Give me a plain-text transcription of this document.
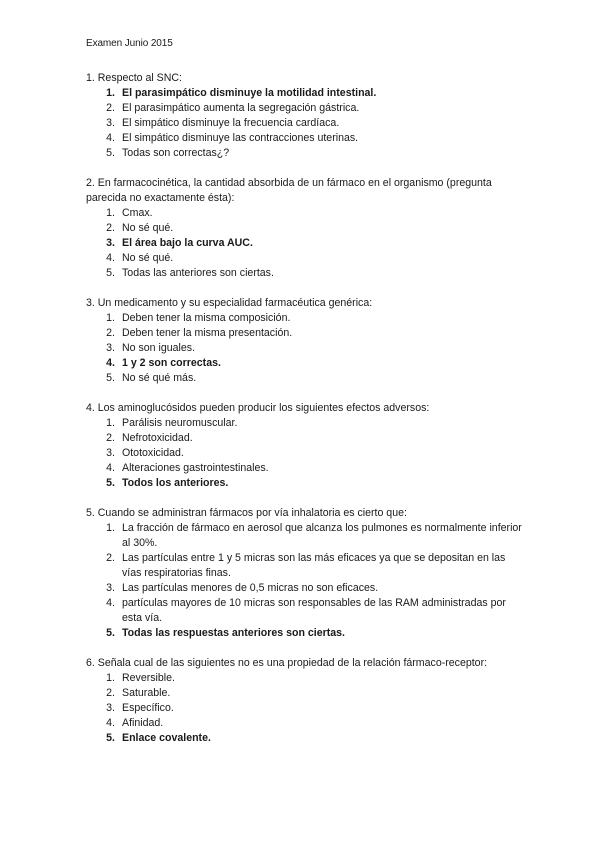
Examen Junio 2015
1. Respecto al SNC:
1. El parasimpático disminuye la motilidad intestinal.
2. El parasimpático aumenta la segregación gástrica.
3. El simpático disminuye la frecuencia cardíaca.
4. El simpático disminuye las contracciones uterinas.
5. Todas son correctas¿?
2. En farmacocinética, la cantidad absorbida de un fármaco en el organismo (pregunta parecida no exactamente ésta):
1. Cmax.
2. No sé qué.
3. El área bajo la curva AUC.
4. No sé qué.
5. Todas las anteriores son ciertas.
3. Un medicamento y su especialidad farmacéutica genérica:
1. Deben tener la misma composición.
2. Deben tener la misma presentación.
3. No son iguales.
4. 1 y 2 son correctas.
5. No sé qué más.
4. Los aminoglucósidos pueden producir los siguientes efectos adversos:
1. Parálisis neuromuscular.
2. Nefrotoxicidad.
3. Ototoxicidad.
4. Alteraciones gastrointestinales.
5. Todos los anteriores.
5. Cuando se administran fármacos por vía inhalatoria es cierto que:
1. La fracción de fármaco en aerosol que alcanza los pulmones es normalmente inferior al 30%.
2. Las partículas entre 1 y 5 micras son las más eficaces ya que se depositan en las vías respiratorias finas.
3. Las partículas menores de 0,5 micras no son eficaces.
4. partículas mayores de 10 micras son responsables de las RAM administradas por esta vía.
5. Todas las respuestas anteriores son ciertas.
6. Señala cual de las siguientes no es una propiedad de la relación fármaco-receptor:
1. Reversible.
2. Saturable.
3. Específico.
4. Afinidad.
5. Enlace covalente.
